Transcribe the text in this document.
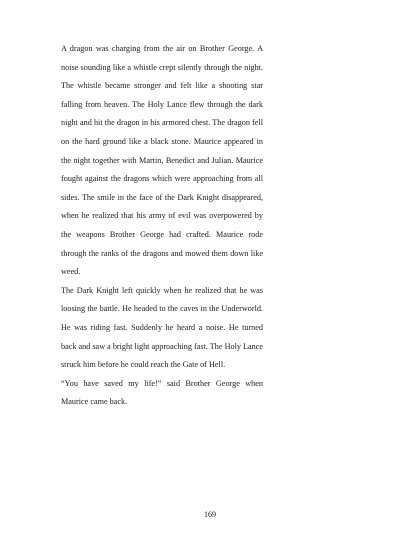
A dragon was charging from the air on Brother George. A noise sounding like a whistle crept silently through the night. The whistle became stronger and felt like a shooting star falling from heaven. The Holy Lance flew through the dark night and hit the dragon in his armored chest. The dragon fell on the hard ground like a black stone. Maurice appeared in the night together with Martin, Benedict and Julian. Maurice fought against the dragons which were approaching from all sides. The smile in the face of the Dark Knight disappeared, when he realized that his army of evil was overpowered by the weapons Brother George had crafted. Maurice rode through the ranks of the dragons and mowed them down like weed.

The Dark Knight left quickly when he realized that he was loosing the battle. He headed to the caves in the Underworld. He was riding fast. Suddenly he heard a noise. He turned back and saw a bright light approaching fast. The Holy Lance struck him before he could reach the Gate of Hell.

“You have saved my life!” said Brother George when Maurice came back.

169
